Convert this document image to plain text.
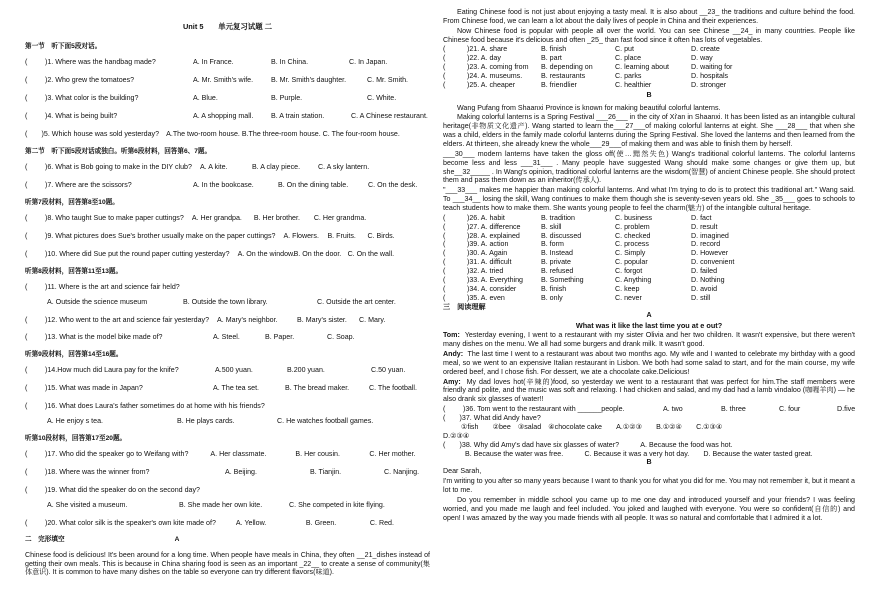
Unit 5　　单元复习试题 二
第一节　听下面5段对话。
( )1. Where was the handbag made?	A. In France.	B. In China.	C. In Japan.
( )2. Who grew the tomatoes?	A. Mr. Smith's wife.	B. Mr. Smith's daughter.	C. Mr. Smith.
( )3. What color is the building?	A. Blue.	B. Purple.	C. White.
( )4. What is being built?	A. A shopping mall. B. A train station.	C. A Chinese restaurant.
(　　)5. Which house was sold yesterday?　A.The two-room house. B.The three-room house. C. The four-room house.
第二节　听下面5段对话或独白。听第6段材料，回答第6、7题。
( )6. What is Bob going to make in the DIY club? A. A kite.	B. A clay piece.	C. A sky lantern.
( )7. Where are the scissors?	A. In the bookcase.	B. On the dining table.	C. On the desk.
听第7段材料，回答第8至10题。
( )8. Who taught Sue to make paper cuttings? A. Her grandpa. B. Her brother. C. Her grandma.
( )9. What pictures does Sue's brother usually make on the paper cuttings? A. Flowers. B. Fruits. C. Birds.
( )10. Where did Sue put the round paper cutting yesterday? A. On the window.B. On the door. C. On the wall.
听第8段材料，回答第11至13题。
( )11. Where is the art and science fair held?
A. Outside the science museum	B. Outside the town library.	C. Outside the art center.
( )12. Who went to the art and science fair yesterday? A. Mary's neighbor.	B. Mary's sister. C. Mary.
( )13. What is the model bike made of?	A. Steel.	B. Paper.	C. Soap.
听第9段材料，回答第14至16题。
( )14.How much did Laura pay for the knife?	A.500 yuan.	B.200 yuan.	C.50 yuan.
( )15. What was made in Japan?	A. The tea set.	B. The bread maker.	C. The football.
( )16. What does Laura's father sometimes do at home with his friends?
A. He enjoy s tea.	B. He plays cards.	C. He watches football games.
听第10段材料，回答第17至20题。
( )17. Who did the speaker go to Weifang with?	A. Her classmate.	B. Her cousin.	C. Her mother.
( )18. Where was the winner from?	A. Beijing.	B. Tianjin.	C. Nanjing.
( )19. What did the speaker do on the second day?
A. She visited a museum.	B. She made her own kite.	C. She competed in kite flying.
( )20. What color silk is the speaker's own kite made of?	A. Yellow.	B. Green.	C. Red.
二　完形填空	A
Chinese food is delicious! It's been around for a long time. When people have meals in China, they often __21_dishes instead of getting their own meals. This is because in China sharing food is seen as an important _22__ to create a sense of community(集体意识). It is common to have many dishes on the table so everyone can try different flavors(味道).
Eating Chinese food is not just about enjoying a tasty meal. It is also about __23_ the traditions and culture behind the food. From Chinese food, we can learn a lot about the daily lives of people in China and their experiences.
Now Chinese food is popular with people all over the world. You can see Chinese __24_ in many countries. People like Chinese food because it's delicious and often _25_ than fast food since it often has lots of vegetables.
(	)21. A. share	B. finish	C. put	D. create
(	)22. A. day	B. part	C. place	D. way
(	)23. A. coming from B. depending on	C. learning about	D. waiting for
(	)24. A. museums.	B. restaurants	C. parks	D. hospitals
(	)25. A. cheaper	B. friendlier	C. healthier	D. stronger
B
Wang Pufang from Shaanxi Province is known for making beautiful colorful lanterns.
Making colorful lanterns is a Spring Festival ___26___ in the city of Xi'an in Shaanxi. It has been listed as an intangible cultural heritage(非物质文化遗产). Wang started to learn the___27___of making colorful lanterns at eight. She ___28___ that when she was a child, elders in the family made colorful lanterns during the Spring Festival. She loved the lanterns and then learned from the elders. At thirteen, she already knew the whole___29___of making them and was able to finish them by herself.
___30___ modern lanterns have taken the gloss off(使…黯然失色) Wang's traditional colorful lanterns. The colorful lanterns become less and less ___31___ . Many people have suggested Wang should make some changes or give them up, but she__32_____ . In Wang's opinion, traditional colorful lanterns are the wisdom(智慧) of ancient Chinese people. She should protect them and pass them down as an inheritor(传承人).
"___33___ makes me happier than making colorful lanterns. And what I'm trying to do is to protect this traditional art." Wang said. To ___34__ losing the skill, Wang continues to make them though she is seventy-seven years old. She _35___ goes to schools to teach students how to make them. She wants young people to feel the charm(魅力) of the intangible cultural heritage.
(	)26. A. habit	B. tradition	C. business	D. fact
(	)27. A. difference	B. skill	C. problem	D. result
(	)28. A. explained	B. discussed	C. checked	D. imagined
(	)39. A. action	B. form	C. process	D. record
(	)30. A. Again	B. Instead	C. Simply	D. However
(	)31. A. difficult	B. private	C. popular	D. convenient
(	)32. A. tried	B. refused	C. forgot	D. failed
(	)33. A. Everything	B. Something	C. Anything	D. Nothing
(	)34. A. consider	B. finish	C. keep	D. avoid
(	)35. A. even	B. only	C. never	D. still
三　阅读理解
A
What was it like the last time you at e out?
Tom: Yesterday evening, I went to a restaurant with my sister Olivia and her two children. It wasn't expensive, but there weren't many dishes on the menu. We all had some burgers and drank milk. It wasn't good.
Andy: The last time I went to a restaurant was about two months ago. My wife and I wanted to celebrate my birthday with a good meal, so we went to an expensive Italian restaurant in Lisbon. We both had some salad to start, and for the main course, my wife ordered beef, and I chose fish. For dessert, we ate a chocolate cake.Delicious!
Amy: My dad loves hot(辛辣的)food, so yesterday we went to a restaurant that was perfect for him.The staff members were friendly and polite, and the music was soft and relaxing. I had chicken and salad, and my dad had a lamb vindaloo (咖喱羊肉) — he also drank six glasses of water!!
( )36. Tom went to the restaurant with ______people.	A. two	B. three	C. four	D.five
(　　)37. What did Andy have?
①fish　　②bee　③salad　④chocolate cake　　A.①②③　　B.①②④　　C.①③④
D.②③④
(　　)38. Why did Amy's dad have six glasses of water?　　　A. Because the food was hot.
B. Because the water was free.　　　C. Because it was a very hot day.　　D. Because the water tasted great.
B
Dear Sarah,
I'm writing to you after so many years because I want to thank you for what you did for me. You may not remember it, but it meant a lot to me.
Do you remember in middle school you came up to me one day and introduced yourself and your friends? I was feeling worried, and you made me laugh and feel included. You joked and laughed with everyone. You were so confident(自信的) and open! I was amazed by the way you made friends with all people. It was so natural and comfortable that I admired it a lot.
